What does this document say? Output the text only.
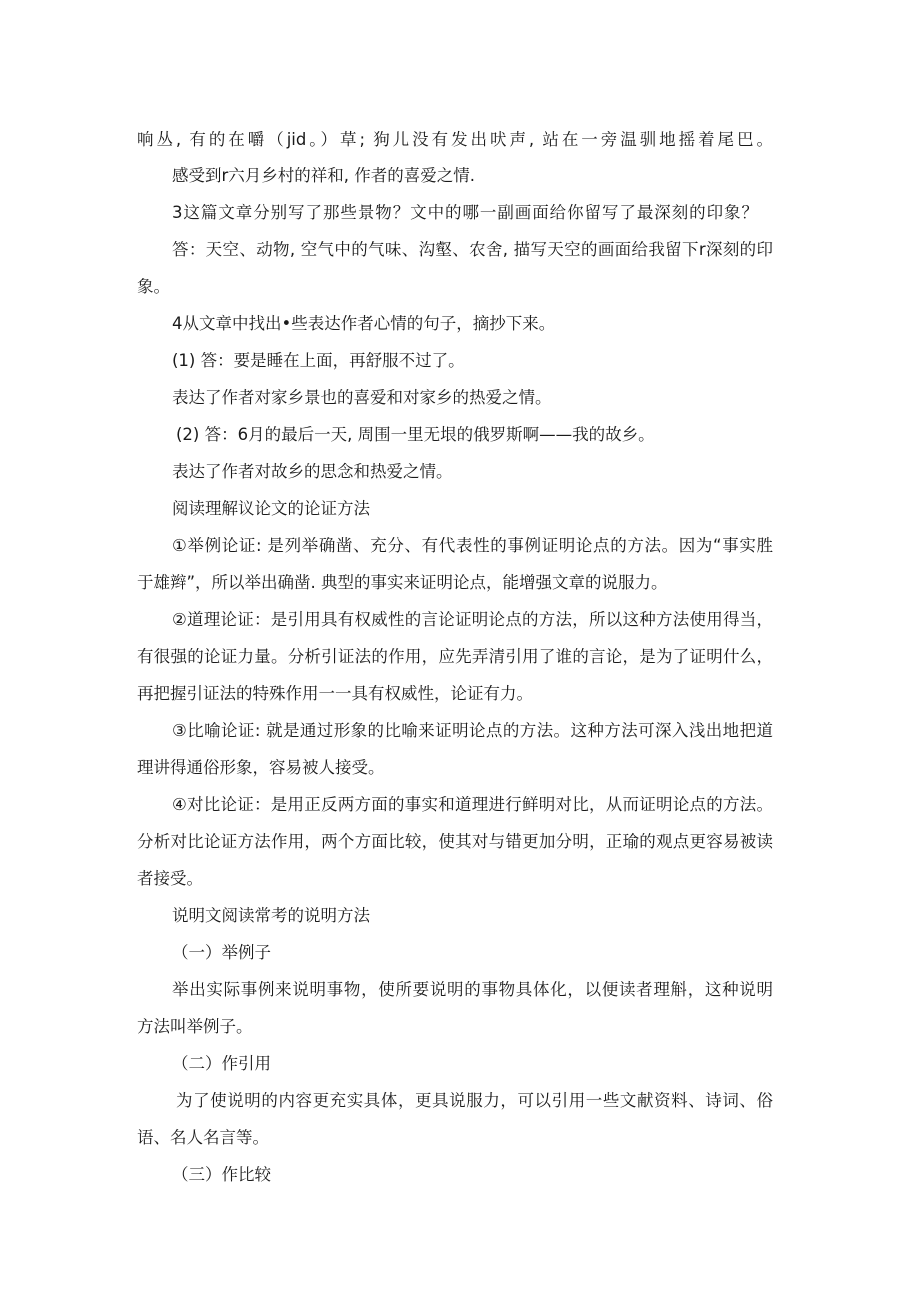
响丛, 有的在嚼（jid。）草; 狗儿没有发出吠声, 站在一旁温驯地摇着尾巴。
感受到r六月乡村的祥和, 作者的喜爱之情.
3这篇文章分别写了那些景物？文中的哪一副画面给你留写了最深刻的印象？
答：天空、动物, 空气中的气味、沟壑、农舍, 描写天空的画面给我留下r深刻的印
象。
4从文章中找出•些表达作者心情的句子，摘抄下来。
(1) 答：要是睡在上面，再舒服不过了。
表达了作者对家乡景也的喜爱和对家乡的热爱之情。
(2) 答：6月的最后一天, 周围一里无垠的俄罗斯啊——我的故乡。
表达了作者对故乡的思念和热爱之情。
阅读理解议论文的论证方法
①举例论证: 是列举确凿、充分、有代表性的事例证明论点的方法。因为“事实胜
于雄辫”，所以举出确凿. 典型的事实来证明论点，能增强文章的说服力。
②道理论证：是引用具有权威性的言论证明论点的方法，所以这种方法使用得当，
有很强的论证力量。分析引证法的作用，应先弄清引用了谁的言论，是为了证明什么，
再把握引证法的特殊作用一一具有权威性，论证有力。
③比喻论证: 就是通过形象的比喻来证明论点的方法。这种方法可深入浅出地把道
理讲得通俗形象，容易被人接受。
④对比论证：是用正反两方面的事实和道理进行鲜明对比，从而证明论点的方法。
分析对比论证方法作用，两个方面比较，使其对与错更加分明，正瑜的观点更容易被读
者接受。
说明文阅读常考的说明方法
（一）举例子
举出实际事例来说明事物，使所要说明的事物具体化，以便读者理斛，这种说明
方法叫举例子。
（二）作引用
为了使说明的内容更充实具体，更具说服力，可以引用一些文献资料、诗词、俗
语、名人名言等。
（三）作比较
